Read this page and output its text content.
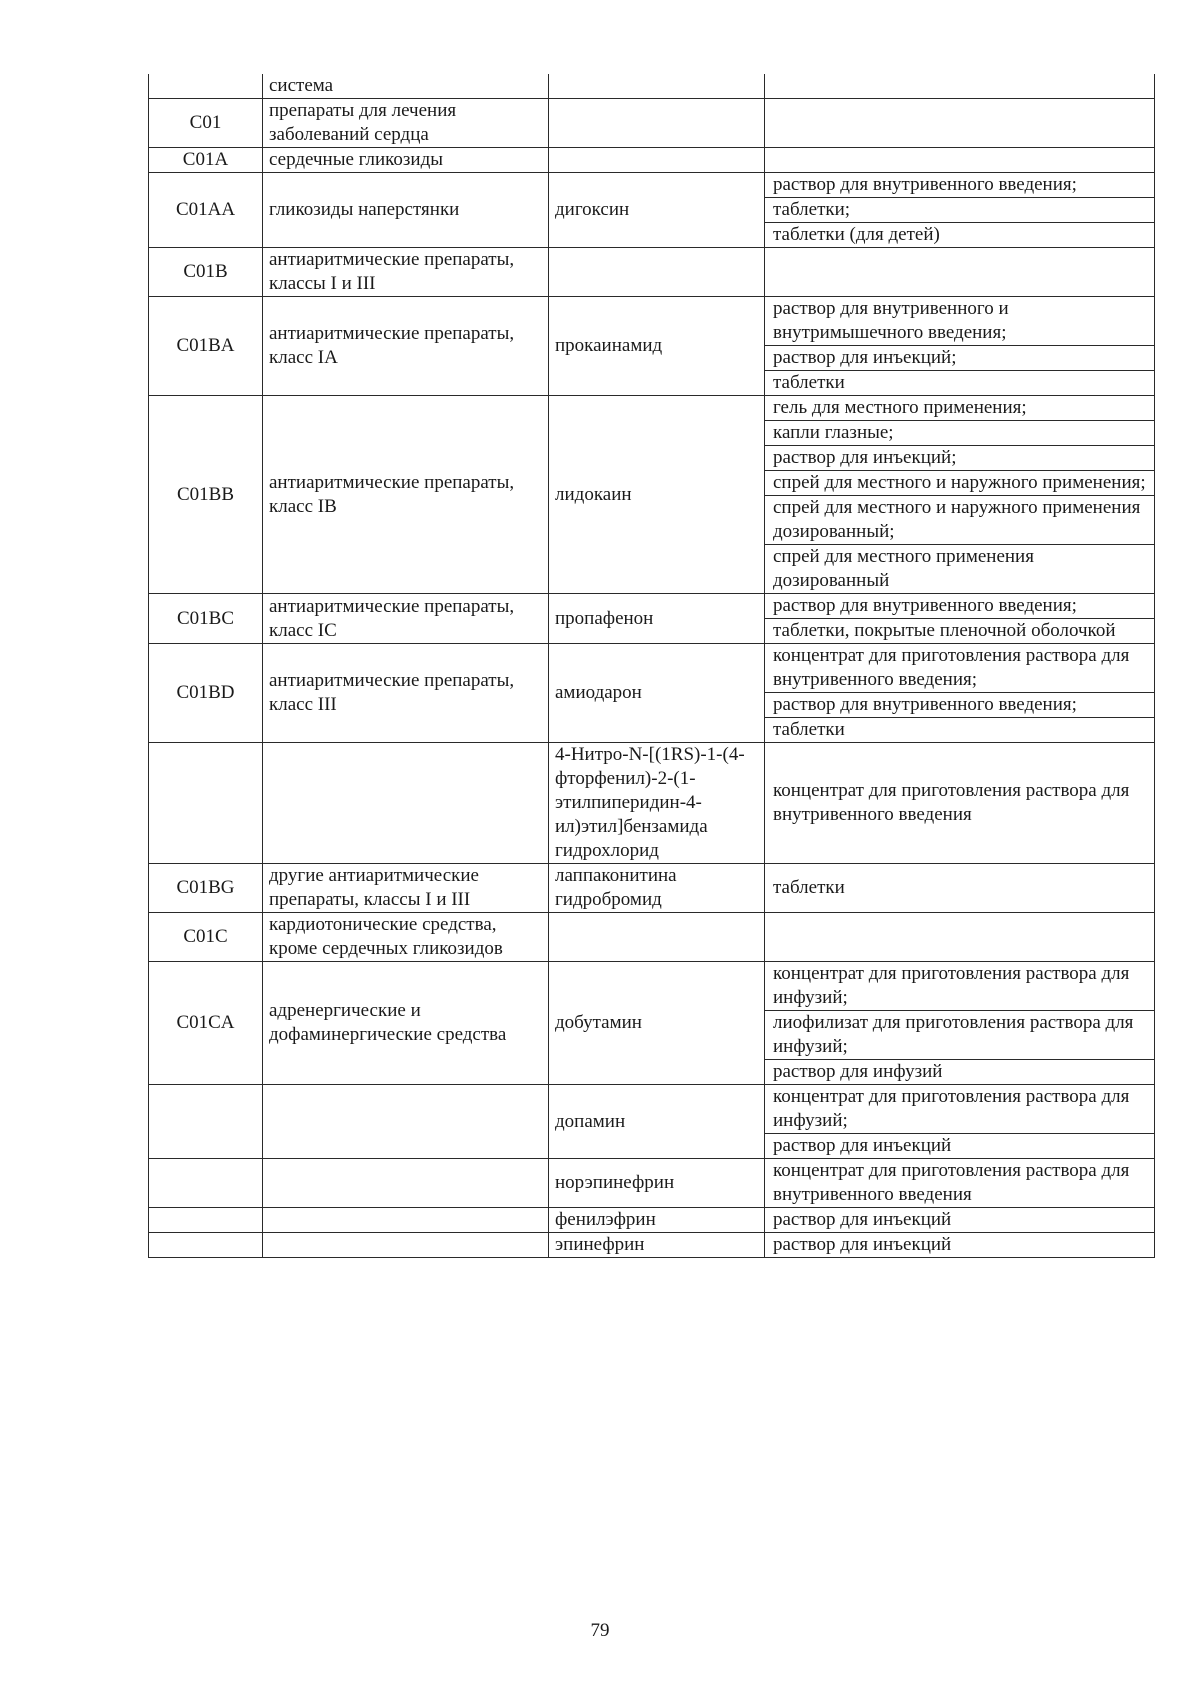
	система		
C01	препараты для лечения заболеваний сердца		
C01A	сердечные гликозиды		
C01AA	гликозиды наперстянки	дигоксин	раствор для внутривенного введения;
			таблетки;
			таблетки (для детей)
C01B	антиаритмические препараты, классы I и III		
C01BA	антиаритмические препараты, класс IA	прокаинамид	раствор для внутривенного и внутримышечного введения;
			раствор для инъекций;
			таблетки
C01BB	антиаритмические препараты, класс IB	лидокаин	гель для местного применения;
			капли глазные;
			раствор для инъекций;
			спрей для местного и наружного применения;
			спрей для местного и наружного применения дозированный;
			спрей для местного применения дозированный
C01BC	антиаритмические препараты, класс IC	пропафенон	раствор для внутривенного введения;
			таблетки, покрытые пленочной оболочкой
C01BD	антиаритмические препараты, класс III	амиодарон	концентрат для приготовления раствора для внутривенного введения;
			раствор для внутривенного введения;
			таблетки
		4-Нитро-N-[(1RS)-1-(4-фторфенил)-2-(1-этилпиперидин-4-ил)этил]бензамида гидрохлорид	концентрат для приготовления раствора для внутривенного введения
C01BG	другие антиаритмические препараты, классы I и III	лаппаконитина гидробромид	таблетки
C01C	кардиотонические средства, кроме сердечных гликозидов		
C01CA	адренергические и дофаминергические средства	добутамин	концентрат для приготовления раствора для инфузий;
			лиофилизат для приготовления раствора для инфузий;
			раствор для инфузий
		допамин	концентрат для приготовления раствора для инфузий;
			раствор для инъекций
		норэпинефрин	концентрат для приготовления раствора для внутривенного введения
		фенилэфрин	раствор для инъекций
		эпинефрин	раствор для инъекций
79
